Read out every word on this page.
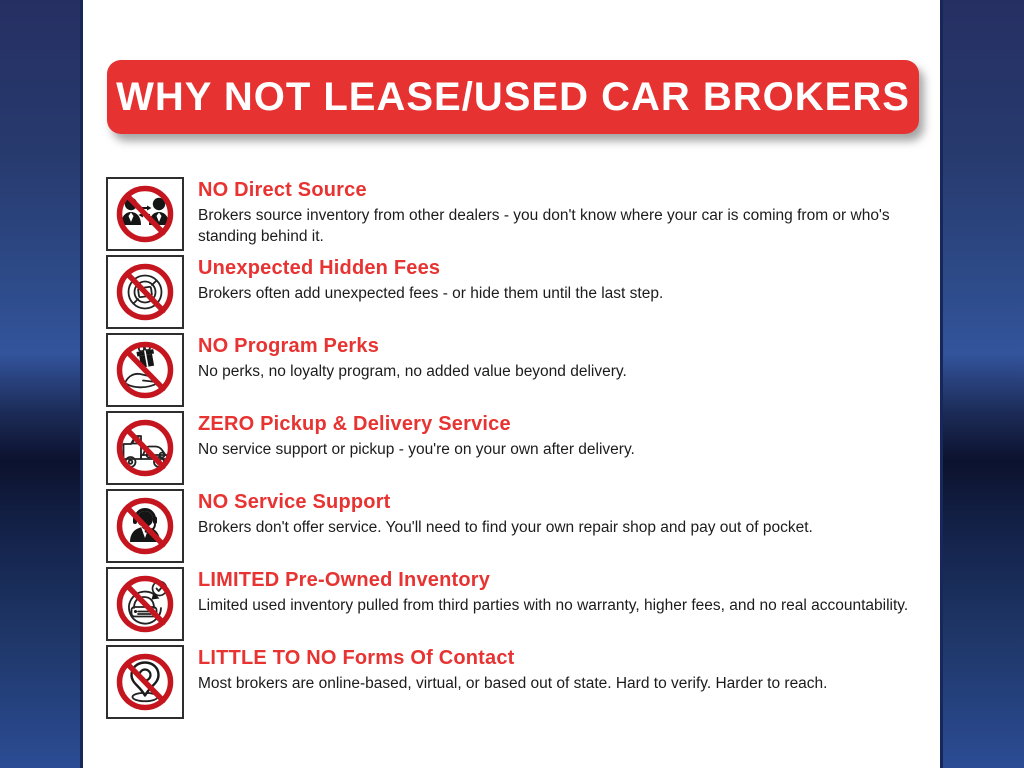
WHY NOT LEASE/USED CAR BROKERS
NO Direct Source

Brokers source inventory from other dealers - you don't know where your car is coming from or who's standing behind it.

Unexpected Hidden Fees

Brokers often add unexpected fees - or hide them until the last step.

NO Program Perks

No perks, no loyalty program, no added value beyond delivery.

ZERO Pickup & Delivery Service

No service support or pickup - you're on your own after delivery.

NO Service Support

Brokers don't offer service. You'll need to find your own repair shop and pay out of pocket.

LIMITED Pre-Owned Inventory

Limited used inventory pulled from third parties with no warranty, higher fees, and no real accountability.

LITTLE TO NO Forms Of Contact

Most brokers are online-based, virtual, or based out of state. Hard to verify. Harder to reach.
